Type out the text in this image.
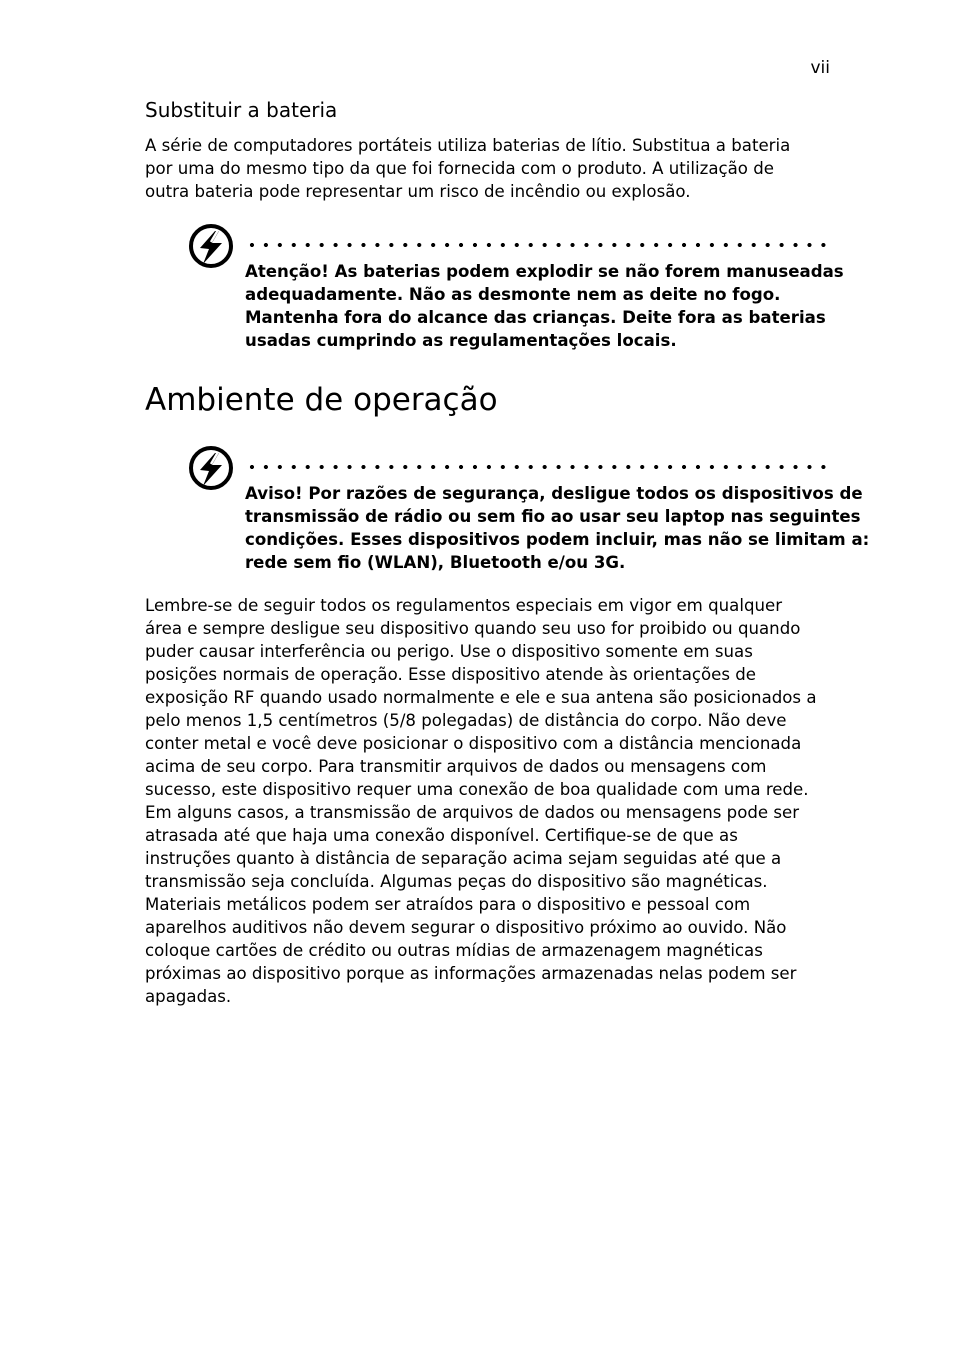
vii
Substituir a bateria

A série de computadores portáteis utiliza baterias de lítio. Substitua a bateria
por uma do mesmo tipo da que foi fornecida com o produto. A utilização de
outra bateria pode representar um risco de incêndio ou explosão.

Atenção! As baterias podem explodir se não forem manuseadas
adequadamente. Não as desmonte nem as deite no fogo.
Mantenha fora do alcance das crianças. Deite fora as baterias
usadas cumprindo as regulamentações locais.
Ambiente de operação
Aviso! Por razões de segurança, desligue todos os dispositivos de
transmissão de rádio ou sem fio ao usar seu laptop nas seguintes
condições. Esses dispositivos podem incluir, mas não se limitam a:
rede sem fio (WLAN), Bluetooth e/ou 3G.

Lembre-se de seguir todos os regulamentos especiais em vigor em qualquer
área e sempre desligue seu dispositivo quando seu uso for proibido ou quando
puder causar interferência ou perigo. Use o dispositivo somente em suas
posições normais de operação. Esse dispositivo atende às orientações de
exposição RF quando usado normalmente e ele e sua antena são posicionados a
pelo menos 1,5 centímetros (5/8 polegadas) de distância do corpo. Não deve
conter metal e você deve posicionar o dispositivo com a distância mencionada
acima de seu corpo. Para transmitir arquivos de dados ou mensagens com
sucesso, este dispositivo requer uma conexão de boa qualidade com uma rede.
Em alguns casos, a transmissão de arquivos de dados ou mensagens pode ser
atrasada até que haja uma conexão disponível. Certifique-se de que as
instruções quanto à distância de separação acima sejam seguidas até que a
transmissão seja concluída. Algumas peças do dispositivo são magnéticas.
Materiais metálicos podem ser atraídos para o dispositivo e pessoal com
aparelhos auditivos não devem segurar o dispositivo próximo ao ouvido. Não
coloque cartões de crédito ou outras mídias de armazenagem magnéticas
próximas ao dispositivo porque as informações armazenadas nelas podem ser
apagadas.
